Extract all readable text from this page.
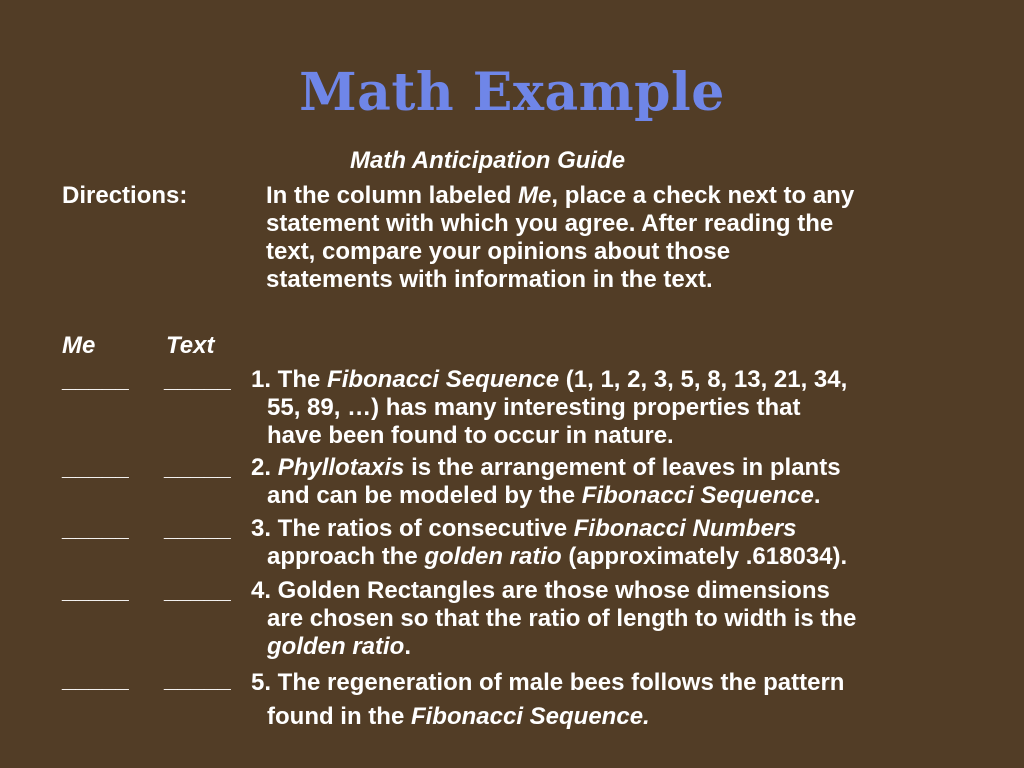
Math Example
Math Anticipation Guide
Directions:	In the column labeled Me, place a check next to any
statement with which you agree. After reading the
text, compare your opinions about those
statements with information in the text.
Me	Text
_____ _____ 1. The Fibonacci Sequence (1, 1, 2, 3, 5, 8, 13, 21, 34,
55, 89, …) has many interesting properties that
have been found to occur in nature.
_____ _____ 2. Phyllotaxis is the arrangement of leaves in plants
and can be modeled by the Fibonacci Sequence.
_____ _____ 3. The ratios of consecutive Fibonacci Numbers
approach the golden ratio (approximately .618034).
_____ _____ 4. Golden Rectangles are those whose dimensions
are chosen so that the ratio of length to width is the
golden ratio.
_____ _____ 5. The regeneration of male bees follows the pattern
found in the Fibonacci Sequence.
